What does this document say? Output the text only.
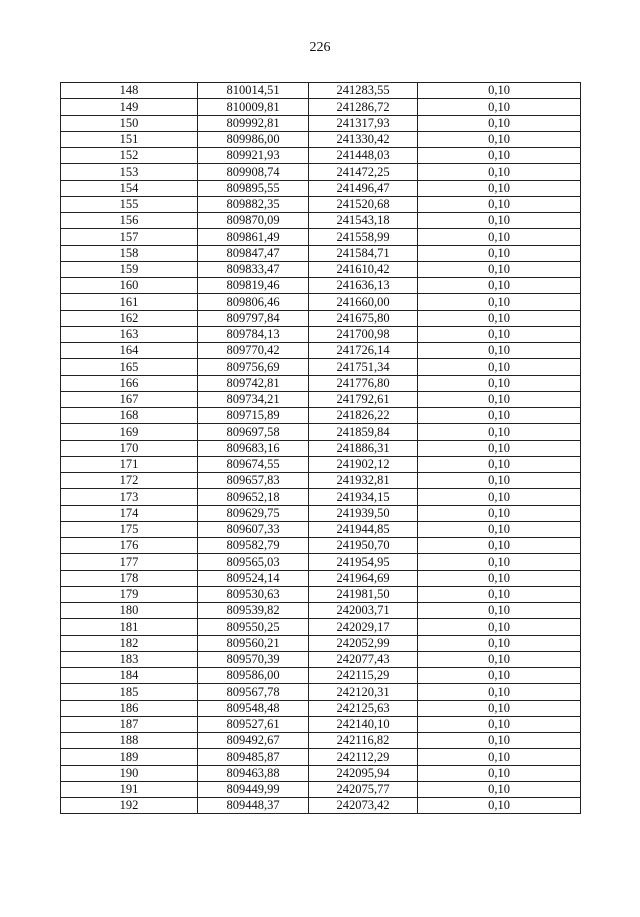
226
148	810014,51	241283,55	0,10
149	810009,81	241286,72	0,10
150	809992,81	241317,93	0,10
151	809986,00	241330,42	0,10
152	809921,93	241448,03	0,10
153	809908,74	241472,25	0,10
154	809895,55	241496,47	0,10
155	809882,35	241520,68	0,10
156	809870,09	241543,18	0,10
157	809861,49	241558,99	0,10
158	809847,47	241584,71	0,10
159	809833,47	241610,42	0,10
160	809819,46	241636,13	0,10
161	809806,46	241660,00	0,10
162	809797,84	241675,80	0,10
163	809784,13	241700,98	0,10
164	809770,42	241726,14	0,10
165	809756,69	241751,34	0,10
166	809742,81	241776,80	0,10
167	809734,21	241792,61	0,10
168	809715,89	241826,22	0,10
169	809697,58	241859,84	0,10
170	809683,16	241886,31	0,10
171	809674,55	241902,12	0,10
172	809657,83	241932,81	0,10
173	809652,18	241934,15	0,10
174	809629,75	241939,50	0,10
175	809607,33	241944,85	0,10
176	809582,79	241950,70	0,10
177	809565,03	241954,95	0,10
178	809524,14	241964,69	0,10
179	809530,63	241981,50	0,10
180	809539,82	242003,71	0,10
181	809550,25	242029,17	0,10
182	809560,21	242052,99	0,10
183	809570,39	242077,43	0,10
184	809586,00	242115,29	0,10
185	809567,78	242120,31	0,10
186	809548,48	242125,63	0,10
187	809527,61	242140,10	0,10
188	809492,67	242116,82	0,10
189	809485,87	242112,29	0,10
190	809463,88	242095,94	0,10
191	809449,99	242075,77	0,10
192	809448,37	242073,42	0,10
